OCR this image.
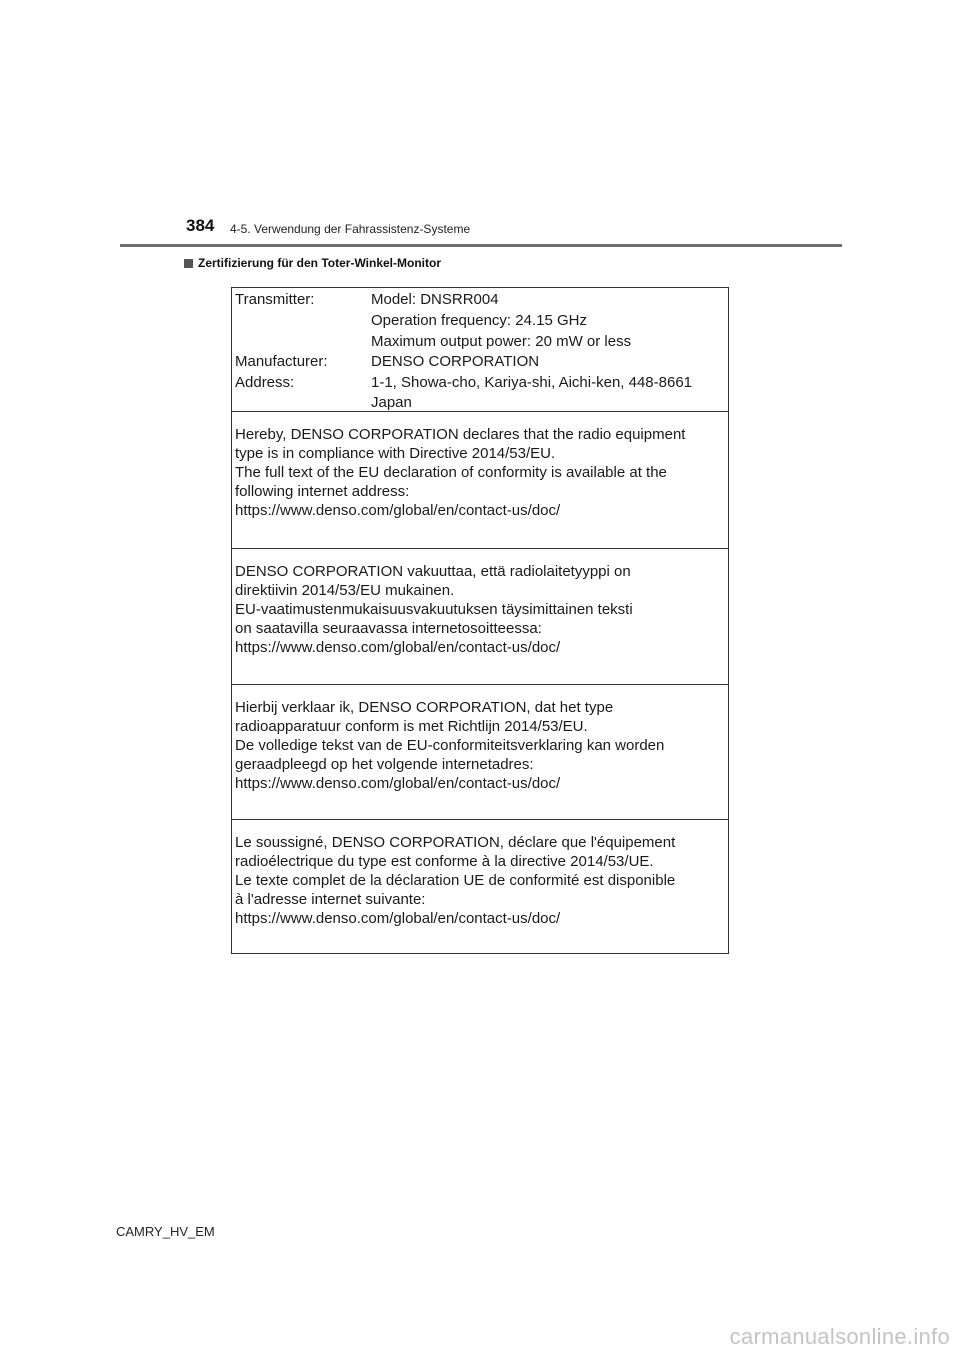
384 4-5. Verwendung der Fahrassistenz-Systeme
Zertifizierung für den Toter-Winkel-Monitor
Transmitter:	Model: DNSRR004
Operation frequency: 24.15 GHz
Maximum output power: 20 mW or less
Manufacturer:	DENSO CORPORATION
Address:	1-1, Showa-cho, Kariya-shi, Aichi-ken, 448-8661
Japan
Hereby, DENSO CORPORATION declares that the radio equipment
type is in compliance with Directive 2014/53/EU.
The full text of the EU declaration of conformity is available at the
following internet address:
https://www.denso.com/global/en/contact-us/doc/
DENSO CORPORATION vakuuttaa, että radiolaitetyyppi on
direktiivin 2014/53/EU mukainen.
EU-vaatimustenmukaisuusvakuutuksen täysimittainen teksti
on saatavilla seuraavassa internetosoitteessa:
https://www.denso.com/global/en/contact-us/doc/
Hierbij verklaar ik, DENSO CORPORATION, dat het type
radioapparatuur conform is met Richtlijn 2014/53/EU.
De volledige tekst van de EU-conformiteitsverklaring kan worden
geraadpleegd op het volgende internetadres:
https://www.denso.com/global/en/contact-us/doc/
Le soussigné, DENSO CORPORATION, déclare que l'équipement
radioélectrique du type est conforme à la directive 2014/53/UE.
Le texte complet de la déclaration UE de conformité est disponible
à l'adresse internet suivante:
https://www.denso.com/global/en/contact-us/doc/
CAMRY_HV_EM
carmanualsonline.info
